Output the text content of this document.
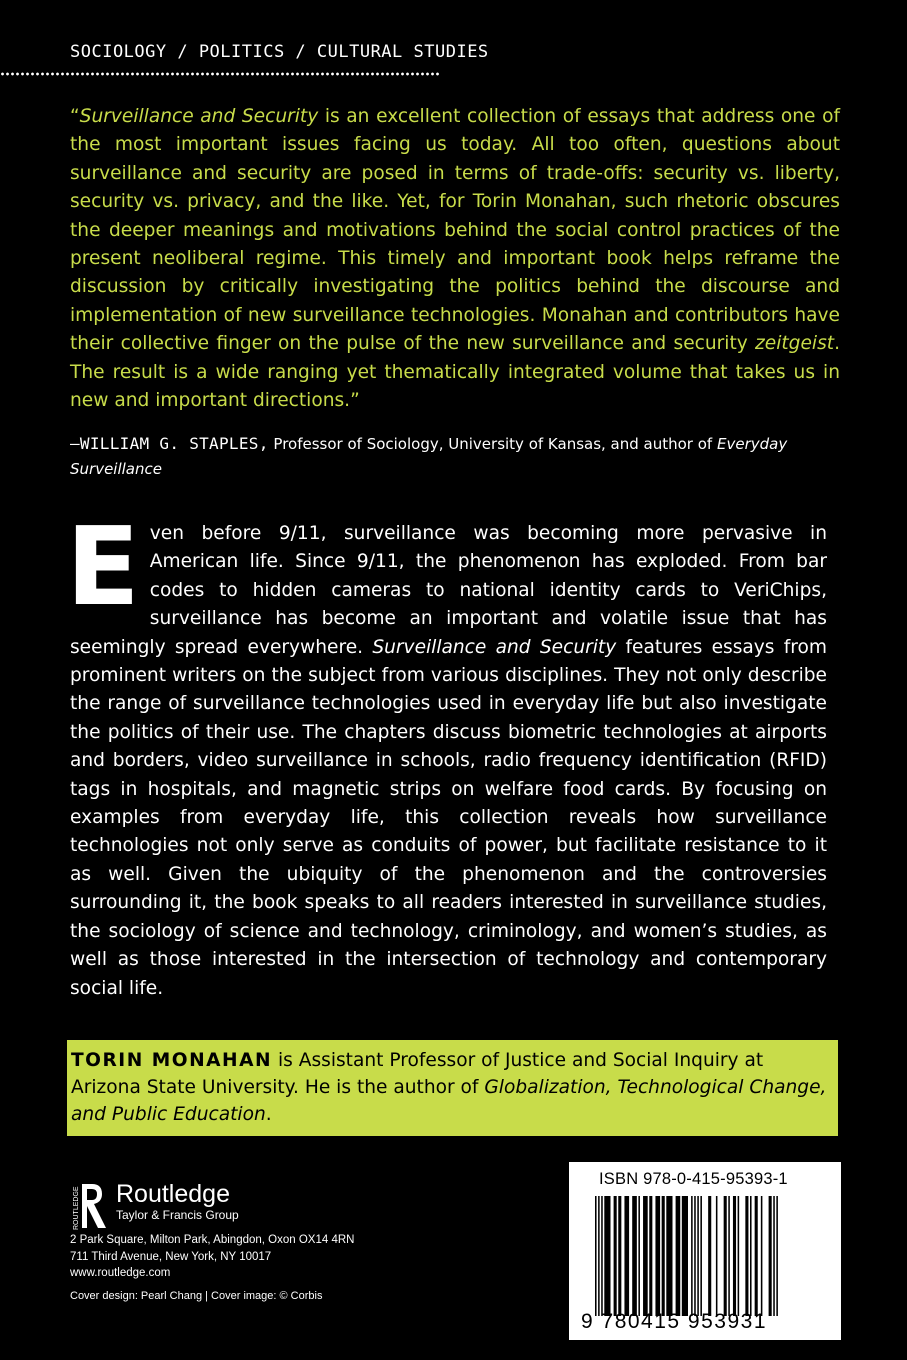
SOCIOLOGY / POLITICS / CULTURAL STUDIES
“Surveillance and Security is an excellent collection of essays that address one of the most important issues facing us today. All too often, questions about surveillance and security are posed in terms of trade-offs: security vs. liberty, security vs. privacy, and the like. Yet, for Torin Monahan, such rhetoric obscures the deeper meanings and motivations behind the social control practices of the present neoliberal regime. This timely and important book helps reframe the discussion by critically investigating the politics behind the discourse and implementation of new surveillance technologies. Monahan and contributors have their collective finger on the pulse of the new surveillance and security zeitgeist. The result is a wide ranging yet thematically integrated volume that takes us in new and important directions.”
—WILLIAM G. STAPLES, Professor of Sociology, University of Kansas, and author of Everyday Surveillance
Even before 9/11, surveillance was becoming more pervasive in American life. Since 9/11, the phenomenon has exploded. From bar codes to hidden cameras to national identity cards to VeriChips, surveillance has become an important and volatile issue that has seemingly spread everywhere. Surveillance and Security features essays from prominent writers on the subject from various disciplines. They not only describe the range of surveillance technologies used in everyday life but also investigate the politics of their use. The chapters discuss biometric technologies at airports and borders, video surveillance in schools, radio frequency identification (RFID) tags in hospitals, and magnetic strips on welfare food cards. By focusing on examples from everyday life, this collection reveals how surveillance technologies not only serve as conduits of power, but facilitate resistance to it as well. Given the ubiquity of the phenomenon and the controversies surrounding it, the book speaks to all readers interested in surveillance studies, the sociology of science and technology, criminology, and women’s studies, as well as those interested in the intersection of technology and contemporary social life.
TORIN MONAHAN is Assistant Professor of Justice and Social Inquiry at Arizona State University. He is the author of Globalization, Technological Change, and Public Education.
ROUTLEDGE Routledge
Taylor & Francis Group
2 Park Square, Milton Park, Abingdon, Oxon OX14 4RN
711 Third Avenue, New York, NY 10017
www.routledge.com
Cover design: Pearl Chang | Cover image: © Corbis
ISBN 978-0-415-95393-1
9 780415 953931
